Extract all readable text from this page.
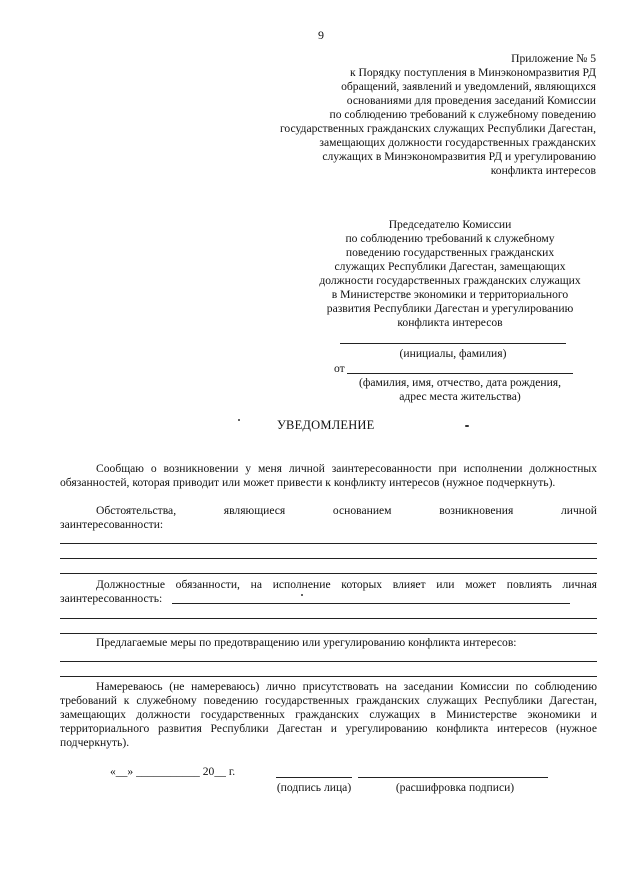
9
Приложение № 5
к Порядку поступления в Минэкономразвития РД
обращений, заявлений и уведомлений, являющихся
основаниями для проведения заседаний Комиссии
по соблюдению требований к служебному поведению
государственных гражданских служащих Республики Дагестан,
замещающих должности государственных гражданских
служащих в Минэкономразвития РД и урегулированию
конфликта интересов
Председателю Комиссии
по соблюдению требований к служебному
поведению государственных гражданских
служащих Республики Дагестан, замещающих
должности государственных гражданских служащих
в Министерстве экономики и территориального
развития Республики Дагестан и урегулированию
конфликта интересов
(инициалы, фамилия)
от
(фамилия, имя, отчество, дата рождения,
адрес места жительства)
УВЕДОМЛЕНИЕ

Сообщаю о возникновении у меня личной заинтересованности при исполнении должностных обязанностей, которая приводит или может привести к конфликту интересов (нужное подчеркнуть).

Обстоятельства, являющиеся основанием возникновения личной

заинтересованности:

Должностные обязанности, на исполнение которых влияет или может повлиять личная

заинтересованность:

Предлагаемые меры по предотвращению или урегулированию конфликта интересов:

Намереваюсь (не намереваюсь) лично присутствовать на заседании Комиссии по соблюдению требований к служебному поведению государственных гражданских служащих Республики Дагестан, замещающих должности государственных гражданских служащих в Министерстве экономики и территориального развития Республики Дагестан и урегулированию конфликта интересов (нужное подчеркнуть).

«__» ___________ 20__ г.
(подпись лица)	(расшифровка подписи)
